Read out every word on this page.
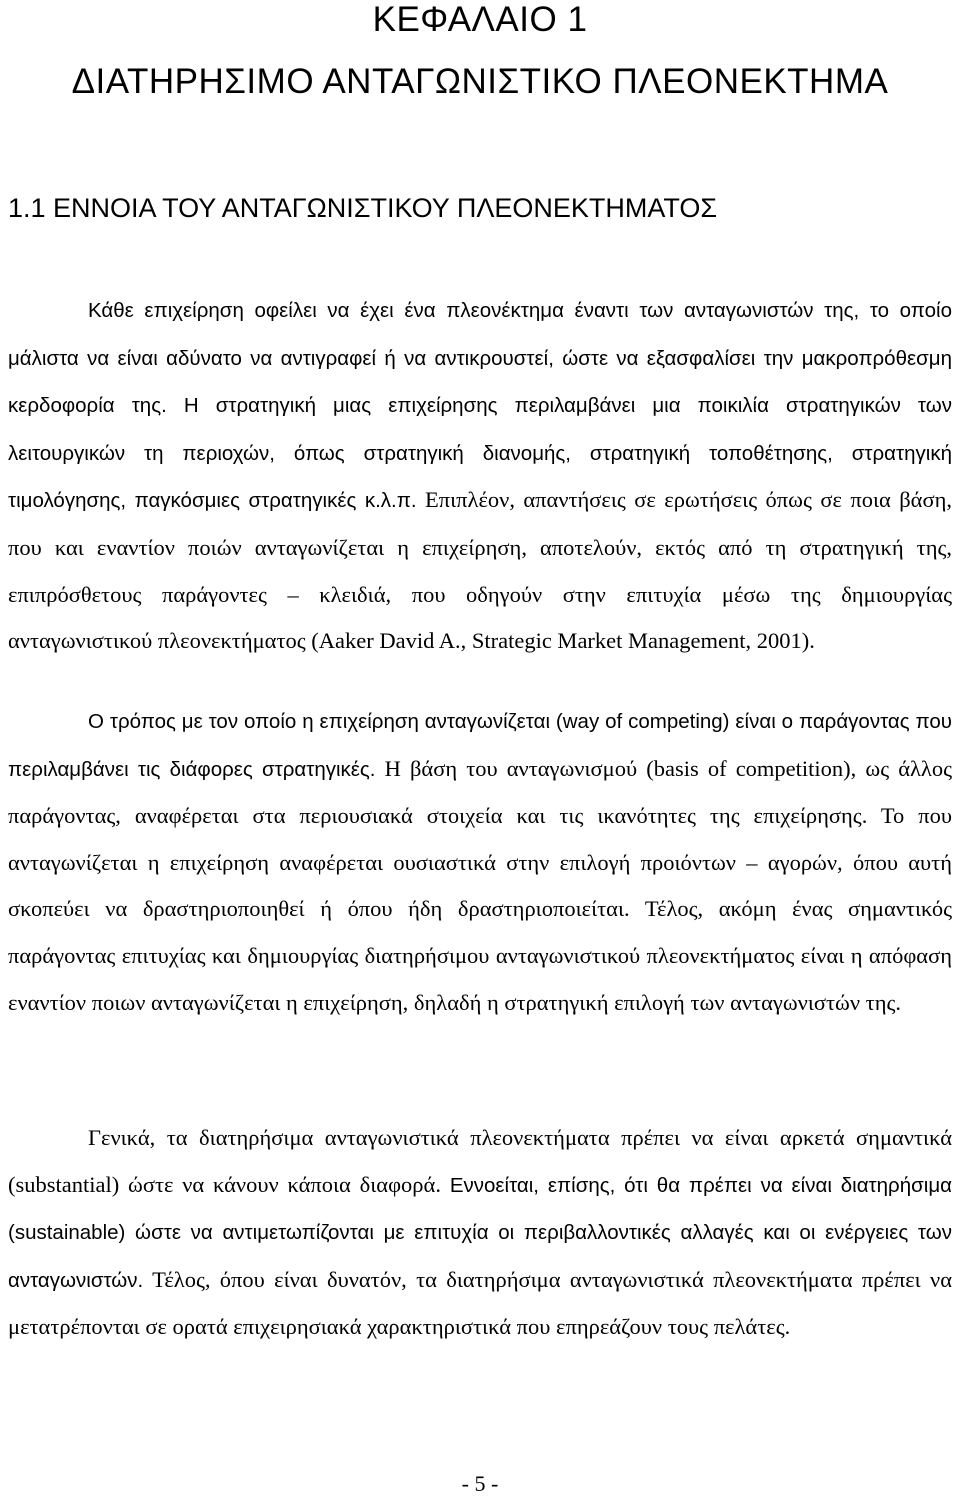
ΚΕΦΑΛΑΙΟ 1
ΔΙΑΤΗΡΗΣΙΜΟ ΑΝΤΑΓΩΝΙΣΤΙΚΟ ΠΛΕΟΝΕΚΤΗΜΑ
1.1 ΕΝΝΟΙΑ ΤΟΥ ΑΝΤΑΓΩΝΙΣΤΙΚΟΥ ΠΛΕΟΝΕΚΤΗΜΑΤΟΣ

Κάθε επιχείρηση οφείλει να έχει ένα πλεονέκτημα έναντι των ανταγωνιστών της, το οποίο μάλιστα να είναι αδύνατο να αντιγραφεί ή να αντικρουστεί, ώστε να εξασφαλίσει την μακροπρόθεσμη κερδοφορία της. Η στρατηγική μιας επιχείρησης περιλαμβάνει μια ποικιλία στρατηγικών των λειτουργικών τη περιοχών, όπως στρατηγική διανομής, στρατηγική τοποθέτησης, στρατηγική τιμολόγησης, παγκόσμιες στρατηγικές κ.λ.π. Επιπλέον, απαντήσεις σε ερωτήσεις όπως σε ποια βάση, που και εναντίον ποιών ανταγωνίζεται η επιχείρηση, αποτελούν, εκτός από τη στρατηγική της, επιπρόσθετους παράγοντες – κλειδιά, που οδηγούν στην επιτυχία μέσω της δημιουργίας ανταγωνιστικού πλεονεκτήματος (Aaker David A., Strategic Market Management, 2001).

Ο τρόπος με τον οποίο η επιχείρηση ανταγωνίζεται (way of competing) είναι ο παράγοντας που περιλαμβάνει τις διάφορες στρατηγικές. Η βάση του ανταγωνισμού (basis of competition), ως άλλος παράγοντας, αναφέρεται στα περιουσιακά στοιχεία και τις ικανότητες της επιχείρησης. Το που ανταγωνίζεται η επιχείρηση αναφέρεται ουσιαστικά στην επιλογή προιόντων – αγορών, όπου αυτή σκοπεύει να δραστηριοποιηθεί ή όπου ήδη δραστηριοποιείται. Τέλος, ακόμη ένας σημαντικός παράγοντας επιτυχίας και δημιουργίας διατηρήσιμου ανταγωνιστικού πλεονεκτήματος είναι η απόφαση εναντίον ποιων ανταγωνίζεται η επιχείρηση, δηλαδή η στρατηγική επιλογή των ανταγωνιστών της.

Γενικά, τα διατηρήσιμα ανταγωνιστικά πλεονεκτήματα πρέπει να είναι αρκετά σημαντικά (substantial) ώστε να κάνουν κάποια διαφορά. Εννοείται, επίσης, ότι θα πρέπει να είναι διατηρήσιμα (sustainable) ώστε να αντιμετωπίζονται με επιτυχία οι περιβαλλοντικές αλλαγές και οι ενέργειες των ανταγωνιστών. Τέλος, όπου είναι δυνατόν, τα διατηρήσιμα ανταγωνιστικά πλεονεκτήματα πρέπει να μετατρέπονται σε ορατά επιχειρησιακά χαρακτηριστικά που επηρεάζουν τους πελάτες.

- 5 -
